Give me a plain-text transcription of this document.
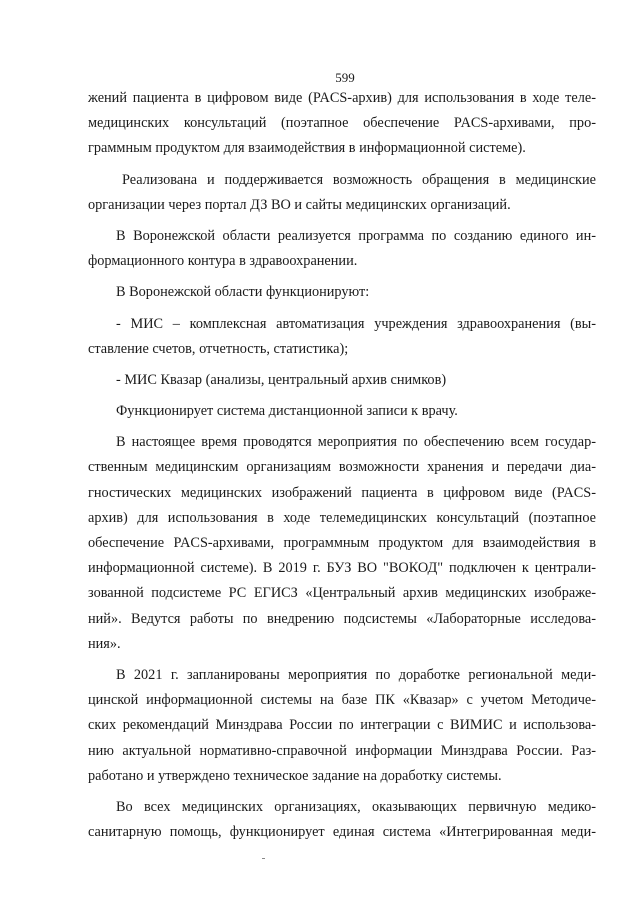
599
жений пациента в цифровом виде (PACS-архив) для использования в ходе теле-
медицинских консультаций (поэтапное обеспечение PACS-архивами, про-
граммным продуктом для взаимодействия в информационной системе).
Реализована и поддерживается возможность обращения в медицинские
организации через портал ДЗ ВО и сайты медицинских организаций.
В Воронежской области реализуется программа по созданию единого ин-
формационного контура в здравоохранении.
В Воронежской области функционируют:
- МИС – комплексная автоматизация учреждения здравоохранения (вы-
ставление счетов, отчетность, статистика);
- МИС Квазар (анализы, центральный архив снимков)
Функционирует система дистанционной записи к врачу.
В настоящее время проводятся мероприятия по обеспечению всем государ-
ственным медицинским организациям возможности хранения и передачи диа-
гностических медицинских изображений пациента в цифровом виде (PACS-
архив) для использования в ходе телемедицинских консультаций (поэтапное
обеспечение PACS-архивами, программным продуктом для взаимодействия в
информационной системе). В 2019 г. БУЗ ВО "ВОКОД" подключен к централи-
зованной подсистеме РС ЕГИСЗ «Центральный архив медицинских изображе-
ний». Ведутся работы по внедрению подсистемы «Лабораторные исследова-
ния».
В 2021 г. запланированы мероприятия по доработке региональной меди-
цинской информационной системы на базе ПК «Квазар» с учетом Методиче-
ских рекомендаций Минздрава России по интеграции с ВИМИС и использова-
нию актуальной нормативно-справочной информации Минздрава России. Раз-
работано и утверждено техническое задание на доработку системы.
Во всех медицинских организациях, оказывающих первичную медико-
санитарную помощь, функционирует единая система «Интегрированная меди-
